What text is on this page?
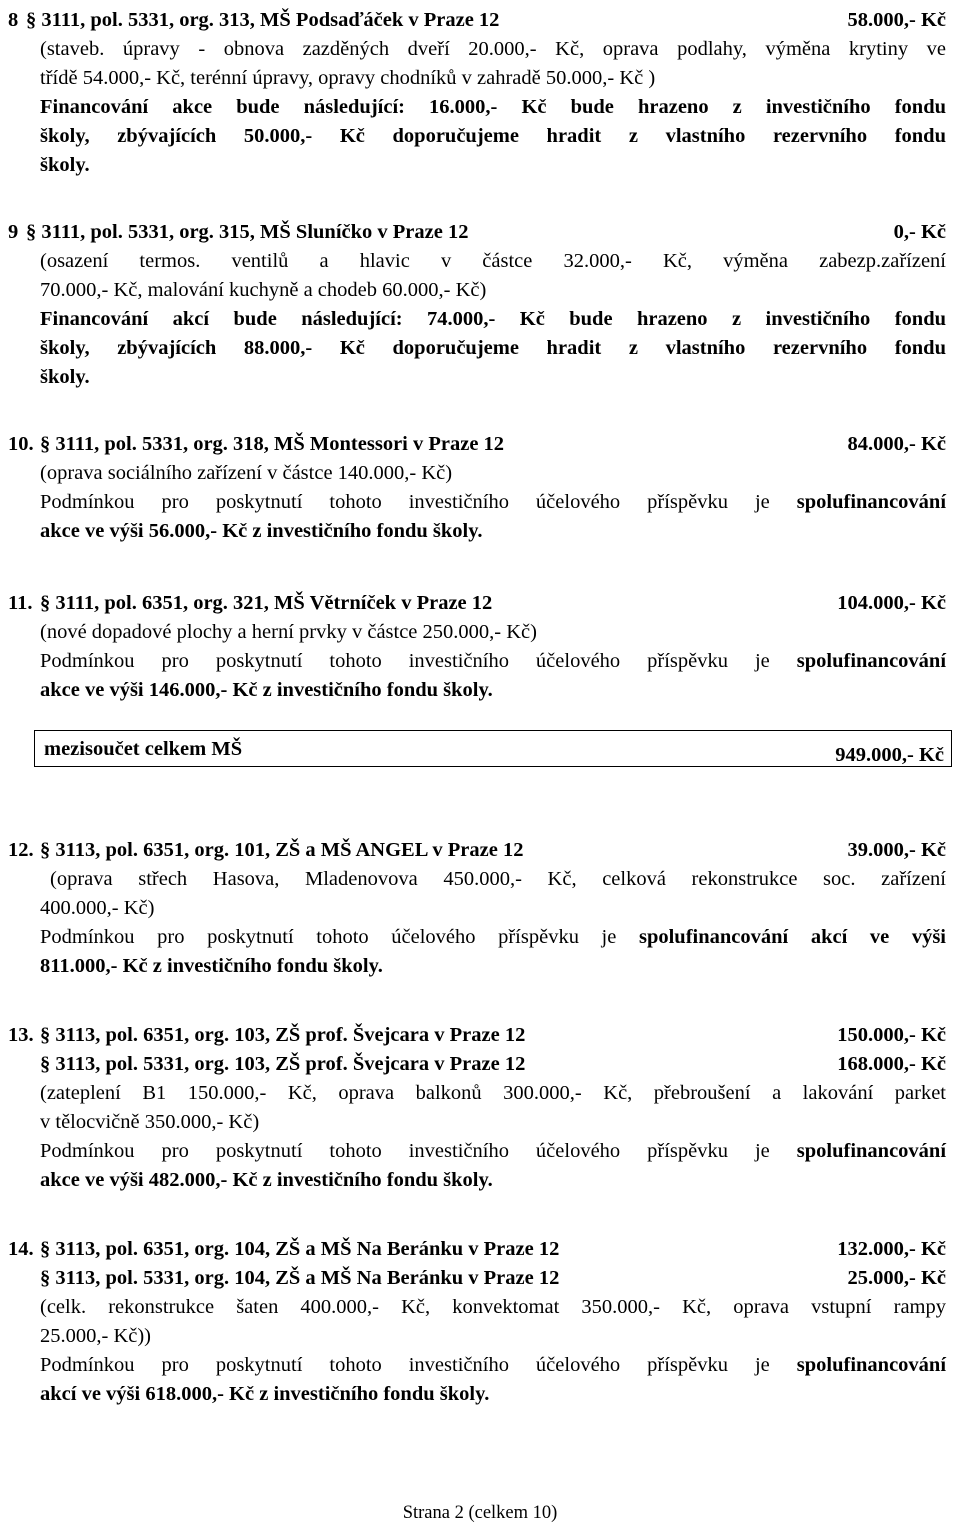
8 § 3111, pol. 5331, org. 313, MŠ Podsaďáček v Praze 12	58.000,- Kč
(staveb. úpravy - obnova zazděných dveří 20.000,- Kč, oprava podlahy, výměna krytiny ve
třídě 54.000,- Kč, terénní úpravy, opravy chodníků v zahradě 50.000,- Kč )
Financování akce bude následující: 16.000,- Kč bude hrazeno z investičního fondu
školy, zbývajících 50.000,- Kč doporučujeme hradit z vlastního rezervního fondu
školy.
9 § 3111, pol. 5331, org. 315, MŠ Sluníčko v Praze 12	0,- Kč
(osazení termos. ventilů a hlavic v částce 32.000,- Kč, výměna zabezp.zařízení
70.000,- Kč, malování kuchyně a chodeb 60.000,- Kč)
Financování akcí bude následující: 74.000,- Kč bude hrazeno z investičního fondu
školy, zbývajících 88.000,- Kč doporučujeme hradit z vlastního rezervního fondu
školy.
10. § 3111, pol. 5331, org. 318, MŠ Montessori v Praze 12	84.000,- Kč
(oprava sociálního zařízení v částce 140.000,- Kč)
Podmínkou pro poskytnutí tohoto investičního účelového příspěvku je spolufinancování
akce ve výši 56.000,- Kč z investičního fondu školy.
11. § 3111, pol. 6351, org. 321, MŠ Větrníček v Praze 12	104.000,- Kč
(nové dopadové plochy a herní prvky v částce 250.000,- Kč)
Podmínkou pro poskytnutí tohoto investičního účelového příspěvku je spolufinancování
akce ve výši 146.000,- Kč z investičního fondu školy.
mezisoučet celkem MŠ	949.000,- Kč
12. § 3113, pol. 6351, org. 101, ZŠ a MŠ ANGEL v Praze 12	39.000,- Kč
(oprava střech Hasova, Mladenovova 450.000,- Kč, celková rekonstrukce soc. zařízení
400.000,- Kč)
Podmínkou pro poskytnutí tohoto účelového příspěvku je spolufinancování akcí ve výši
811.000,- Kč z investičního fondu školy.
13. § 3113, pol. 6351, org. 103, ZŠ prof. Švejcara v Praze 12	150.000,- Kč
§ 3113, pol. 5331, org. 103, ZŠ prof. Švejcara v Praze 12	168.000,- Kč
(zateplení B1 150.000,- Kč, oprava balkonů 300.000,- Kč, přebroušení a lakování parket
v tělocvičně 350.000,- Kč)
Podmínkou pro poskytnutí tohoto investičního účelového příspěvku je spolufinancování
akce ve výši 482.000,- Kč z investičního fondu školy.
14. § 3113, pol. 6351, org. 104, ZŠ a MŠ Na Beránku v Praze 12	132.000,- Kč
§ 3113, pol. 5331, org. 104, ZŠ a MŠ Na Beránku v Praze 12	25.000,- Kč
(celk. rekonstrukce šaten 400.000,- Kč, konvektomat 350.000,- Kč, oprava vstupní rampy
25.000,- Kč))
Podmínkou pro poskytnutí tohoto investičního účelového příspěvku je spolufinancování
akcí ve výši 618.000,- Kč z investičního fondu školy.
Strana 2 (celkem 10)
